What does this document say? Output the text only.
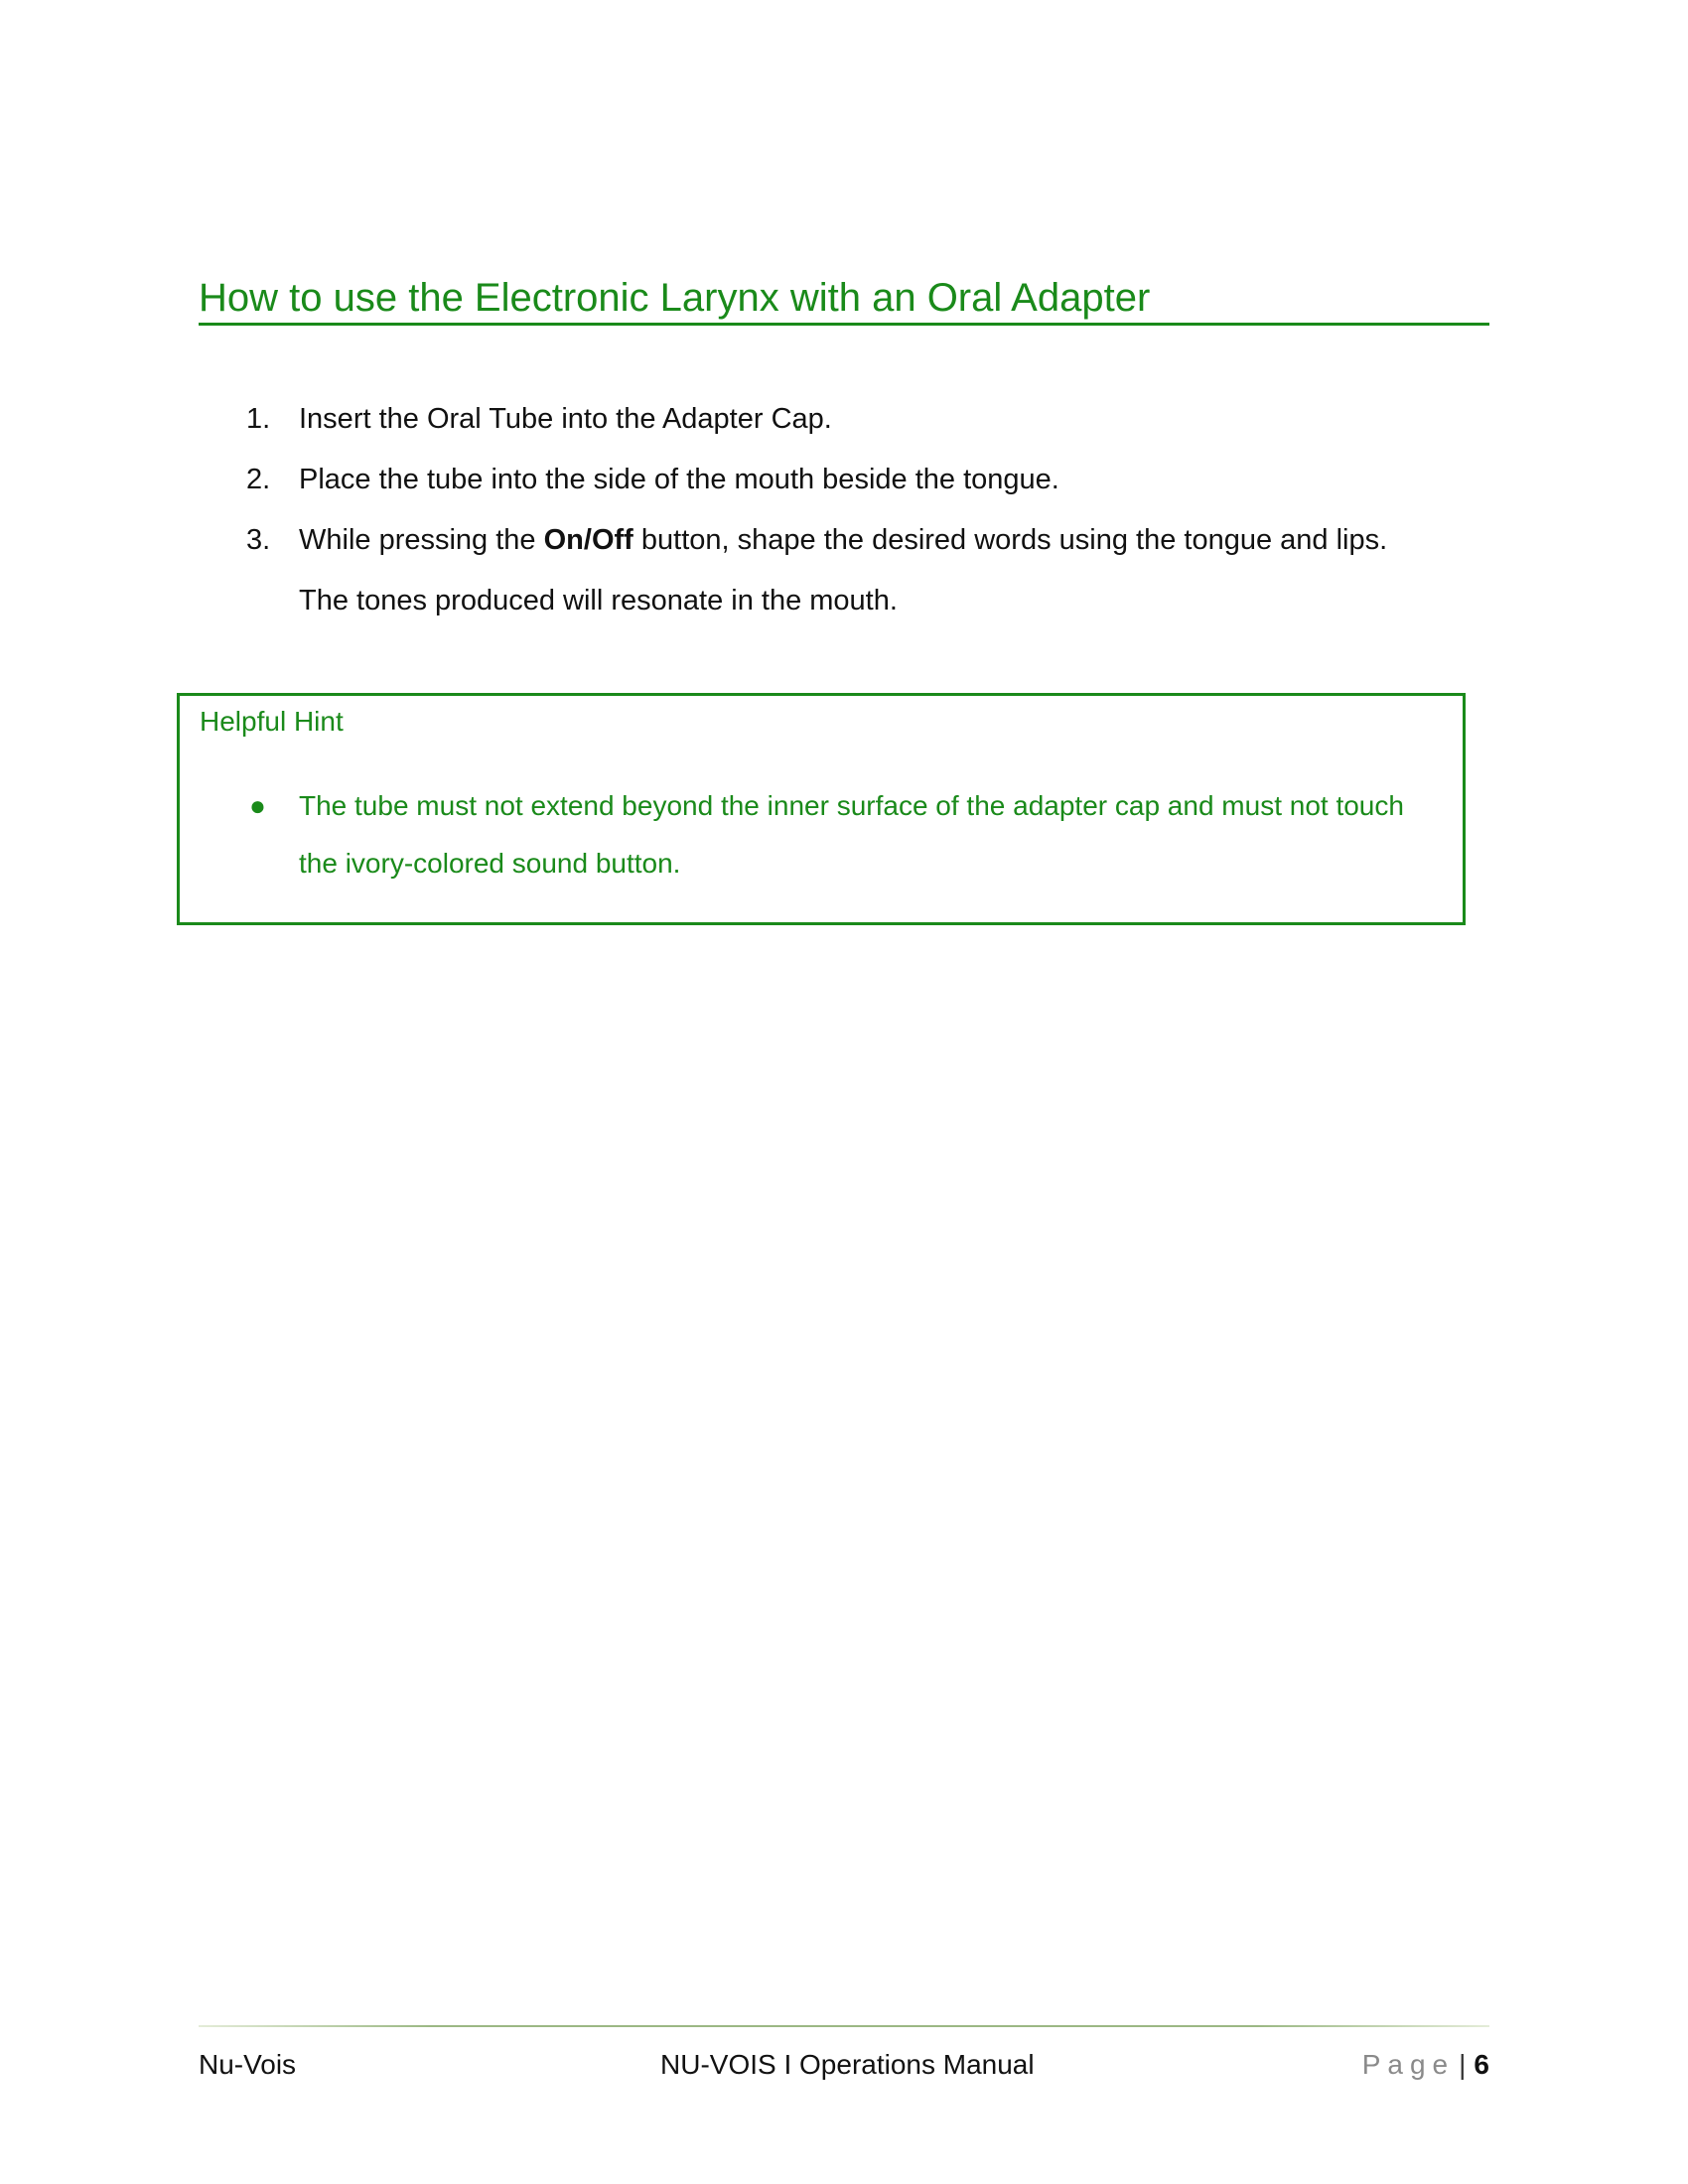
How to use the Electronic Larynx with an Oral Adapter
1. Insert the Oral Tube into the Adapter Cap.
2. Place the tube into the side of the mouth beside the tongue.
3. While pressing the On/Off button, shape the desired words using the tongue and lips.
The tones produced will resonate in the mouth.

Helpful Hint

● The tube must not extend beyond the inner surface of the adapter cap and must not touch
the ivory-colored sound button.

Nu-Vois	NU-VOIS I Operations Manual	Page | 6
